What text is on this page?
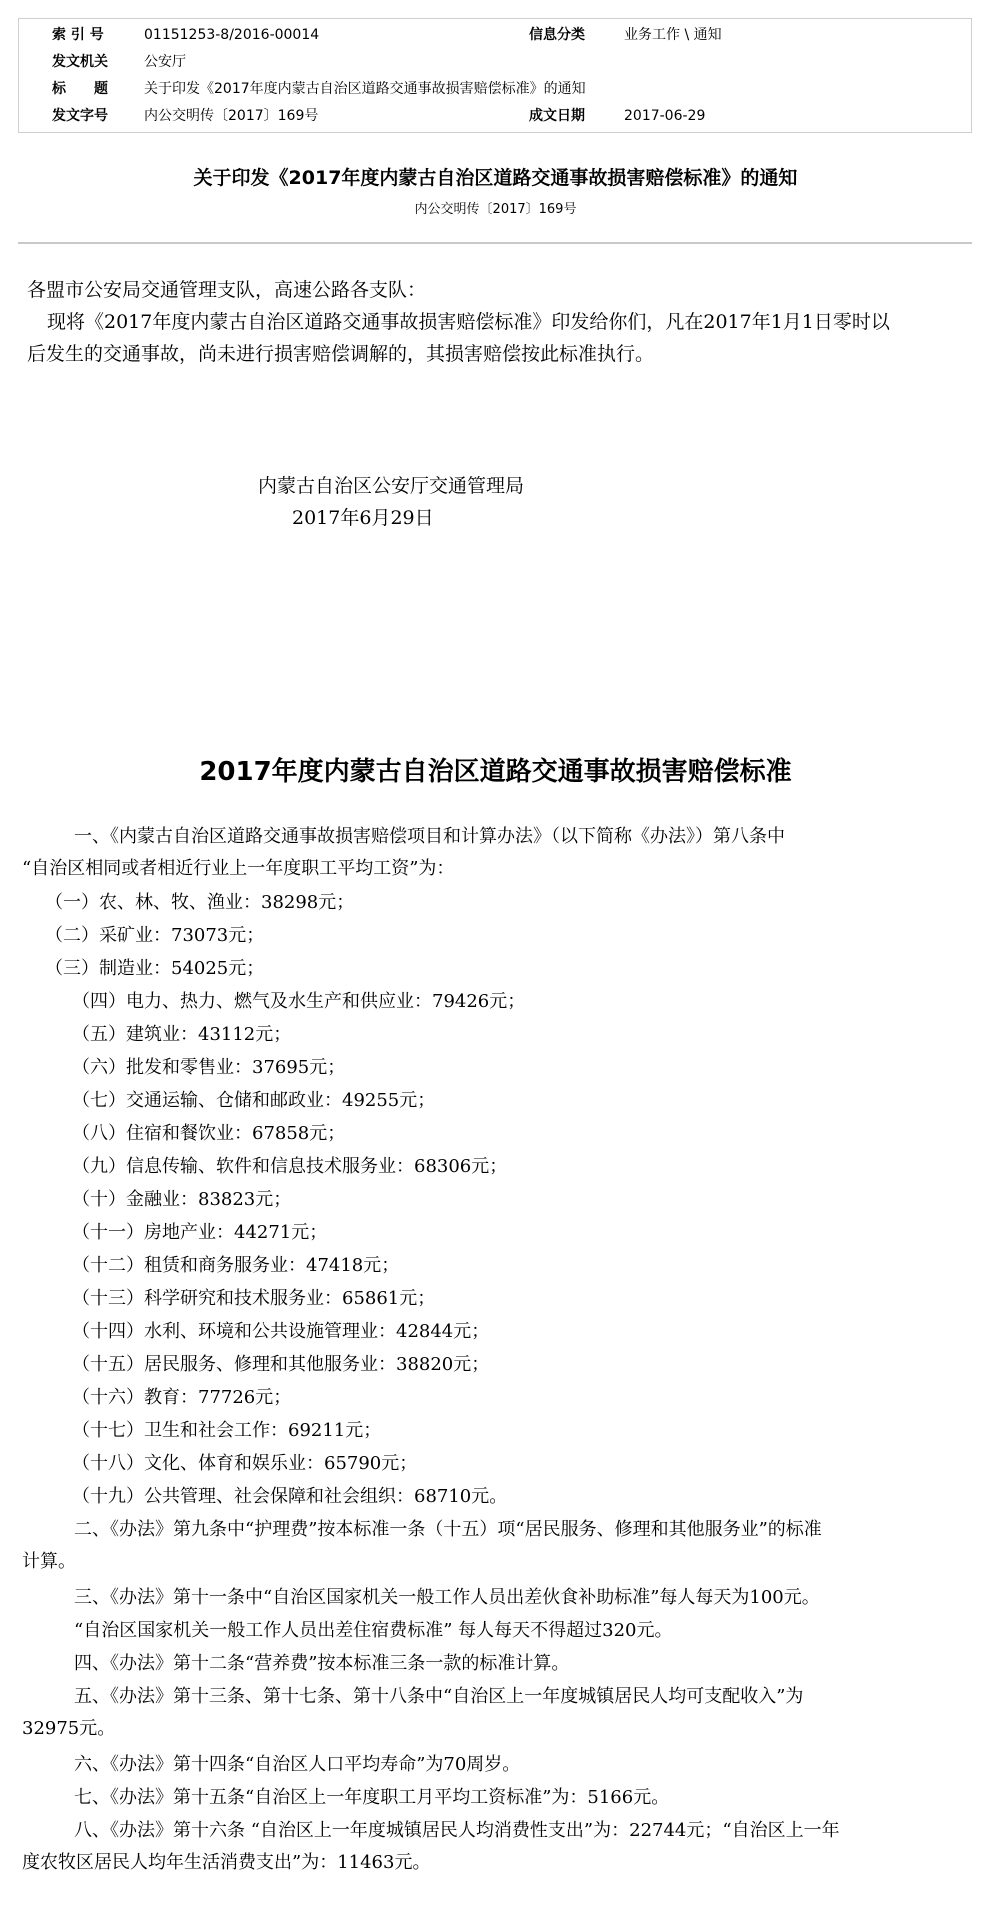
索 引 号	01151253-8/2016-00014	信息分类	业务工作 \ 通知
发文机关	公安厅
标　　题	关于印发《2017年度内蒙古自治区道路交通事故损害赔偿标准》的通知
发文字号	内公交明传〔2017〕169号	成文日期	2017-06-29
关于印发《2017年度内蒙古自治区道路交通事故损害赔偿标准》的通知
内公交明传〔2017〕169号
各盟市公安局交通管理支队，高速公路各支队：
现将《2017年度内蒙古自治区道路交通事故损害赔偿标准》印发给你们，凡在2017年1月1日零时以
后发生的交通事故，尚未进行损害赔偿调解的，其损害赔偿按此标准执行。
内蒙古自治区公安厅交通管理局
2017年6月29日
2017年度内蒙古自治区道路交通事故损害赔偿标准
一、《内蒙古自治区道路交通事故损害赔偿项目和计算办法》（以下简称《办法》）第八条中
“自治区相同或者相近行业上一年度职工平均工资”为：
（一）农、林、牧、渔业：38298元；
（二）采矿业：73073元；
（三）制造业：54025元；
（四）电力、热力、燃气及水生产和供应业：79426元；
（五）建筑业：43112元；
（六）批发和零售业：37695元；
（七）交通运输、仓储和邮政业：49255元；
（八）住宿和餐饮业：67858元；
（九）信息传输、软件和信息技术服务业：68306元；
（十）金融业：83823元；
（十一）房地产业：44271元；
（十二）租赁和商务服务业：47418元；
（十三）科学研究和技术服务业：65861元；
（十四）水利、环境和公共设施管理业：42844元；
（十五）居民服务、修理和其他服务业：38820元；
（十六）教育：77726元；
（十七）卫生和社会工作：69211元；
（十八）文化、体育和娱乐业：65790元；
（十九）公共管理、社会保障和社会组织：68710元。
二、《办法》第九条中“护理费”按本标准一条（十五）项“居民服务、修理和其他服务业”的标准
计算。
三、《办法》第十一条中“自治区国家机关一般工作人员出差伙食补助标准”每人每天为100元。
“自治区国家机关一般工作人员出差住宿费标准” 每人每天不得超过320元。
四、《办法》第十二条“营养费”按本标准三条一款的标准计算。
五、《办法》第十三条、第十七条、第十八条中“自治区上一年度城镇居民人均可支配收入”为
32975元。
六、《办法》第十四条“自治区人口平均寿命”为70周岁。
七、《办法》第十五条“自治区上一年度职工月平均工资标准”为：5166元。
八、《办法》第十六条 “自治区上一年度城镇居民人均消费性支出”为：22744元；“自治区上一年
度农牧区居民人均年生活消费支出”为：11463元。
